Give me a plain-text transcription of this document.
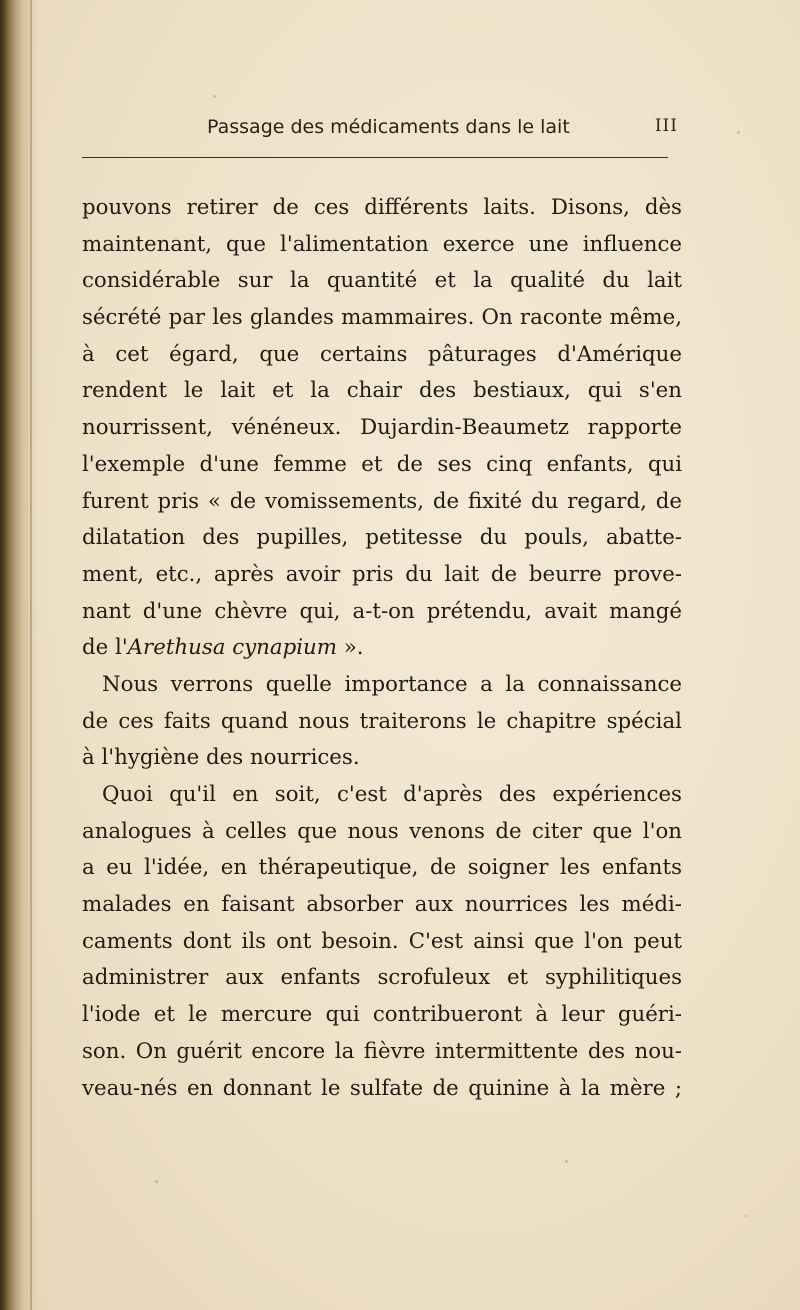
Passage des médicaments dans le lait	III
pouvons retirer de ces différents laits. Disons, dès
maintenant, que l'alimentation exerce une influence
considérable sur la quantité et la qualité du lait
sécrété par les glandes mammaires. On raconte même,
à cet égard, que certains pâturages d'Amérique
rendent le lait et la chair des bestiaux, qui s'en
nourrissent, vénéneux. Dujardin-Beaumetz rapporte
l'exemple d'une femme et de ses cinq enfants, qui
furent pris « de vomissements, de fixité du regard, de
dilatation des pupilles, petitesse du pouls, abatte-
ment, etc., après avoir pris du lait de beurre prove-
nant d'une chèvre qui, a-t-on prétendu, avait mangé
de l'Arethusa cynapium ».
Nous verrons quelle importance a la connaissance
de ces faits quand nous traiterons le chapitre spécial
à l'hygiène des nourrices.
Quoi qu'il en soit, c'est d'après des expériences
analogues à celles que nous venons de citer que l'on
a eu l'idée, en thérapeutique, de soigner les enfants
malades en faisant absorber aux nourrices les médi-
caments dont ils ont besoin. C'est ainsi que l'on peut
administrer aux enfants scrofuleux et syphilitiques
l'iode et le mercure qui contribueront à leur guéri-
son. On guérit encore la fièvre intermittente des nou-
veau-nés en donnant le sulfate de quinine à la mère ;
